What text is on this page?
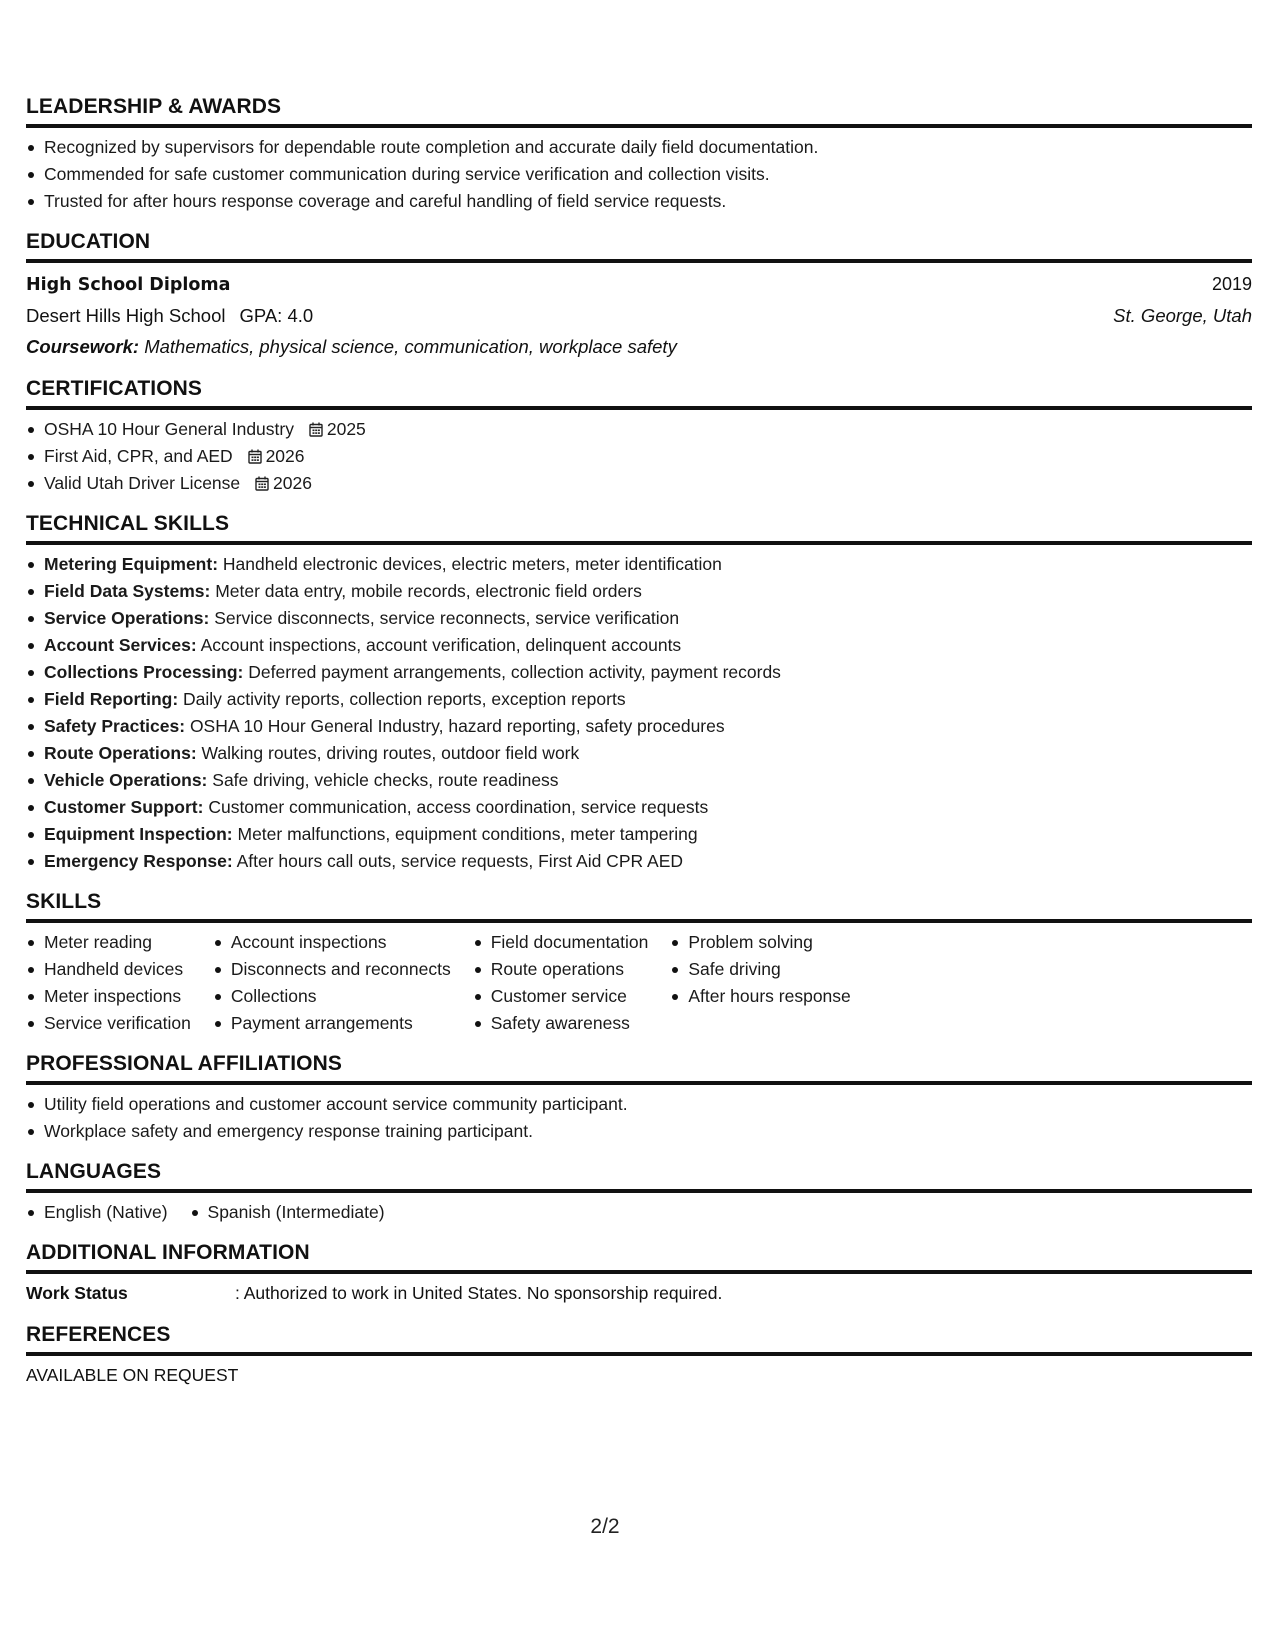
LEADERSHIP & AWARDS
Recognized by supervisors for dependable route completion and accurate daily field documentation.
Commended for safe customer communication during service verification and collection visits.
Trusted for after hours response coverage and careful handling of field service requests.
EDUCATION
High School Diploma	2019
Desert Hills High School GPA: 4.0	St. George, Utah
Coursework: Mathematics, physical science, communication, workplace safety
CERTIFICATIONS
OSHA 10 Hour General Industry 2025
First Aid, CPR, and AED 2026
Valid Utah Driver License 2026
TECHNICAL SKILLS
Metering Equipment: Handheld electronic devices, electric meters, meter identification
Field Data Systems: Meter data entry, mobile records, electronic field orders
Service Operations: Service disconnects, service reconnects, service verification
Account Services: Account inspections, account verification, delinquent accounts
Collections Processing: Deferred payment arrangements, collection activity, payment records
Field Reporting: Daily activity reports, collection reports, exception reports
Safety Practices: OSHA 10 Hour General Industry, hazard reporting, safety procedures
Route Operations: Walking routes, driving routes, outdoor field work
Vehicle Operations: Safe driving, vehicle checks, route readiness
Customer Support: Customer communication, access coordination, service requests
Equipment Inspection: Meter malfunctions, equipment conditions, meter tampering
Emergency Response: After hours call outs, service requests, First Aid CPR AED
SKILLS
Meter reading
Handheld devices
Meter inspections
Service verification
Account inspections
Disconnects and reconnects
Collections
Payment arrangements
Field documentation
Route operations
Customer service
Safety awareness
Problem solving
Safe driving
After hours response
PROFESSIONAL AFFILIATIONS
Utility field operations and customer account service community participant.
Workplace safety and emergency response training participant.
LANGUAGES
English (Native) Spanish (Intermediate)
ADDITIONAL INFORMATION
Work Status	: Authorized to work in United States. No sponsorship required.
REFERENCES
AVAILABLE ON REQUEST
2/2
